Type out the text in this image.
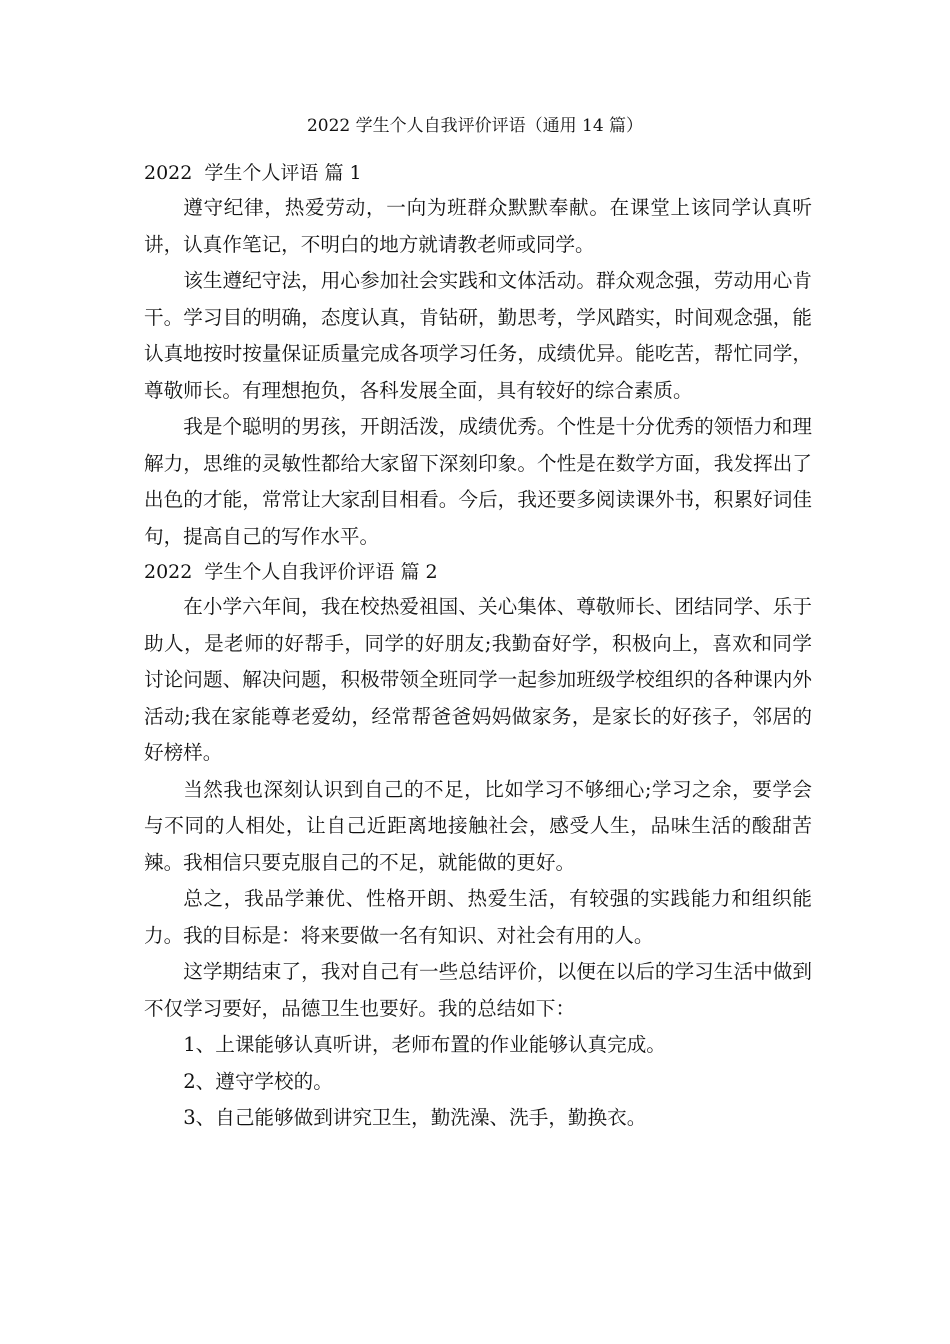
2022 学生个人自我评价评语（通用 14 篇）
2022  学生个人评语 篇 1

遵守纪律，热爱劳动，一向为班群众默默奉献。在课堂上该同学认真听讲，认真作笔记，不明白的地方就请教老师或同学。

该生遵纪守法，用心参加社会实践和文体活动。群众观念强，劳动用心肯干。学习目的明确，态度认真，肯钻研，勤思考，学风踏实，时间观念强，能认真地按时按量保证质量完成各项学习任务，成绩优异。能吃苦，帮忙同学，尊敬师长。有理想抱负，各科发展全面，具有较好的综合素质。

我是个聪明的男孩，开朗活泼，成绩优秀。个性是十分优秀的领悟力和理解力，思维的灵敏性都给大家留下深刻印象。个性是在数学方面，我发挥出了出色的才能，常常让大家刮目相看。今后，我还要多阅读课外书，积累好词佳句，提高自己的写作水平。

2022  学生个人自我评价评语 篇 2

在小学六年间，我在校热爱祖国、关心集体、尊敬师长、团结同学、乐于助人，是老师的好帮手，同学的好朋友;我勤奋好学，积极向上，喜欢和同学讨论问题、解决问题，积极带领全班同学一起参加班级学校组织的各种课内外活动;我在家能尊老爱幼，经常帮爸爸妈妈做家务，是家长的好孩子，邻居的好榜样。

当然我也深刻认识到自己的不足，比如学习不够细心;学习之余，要学会与不同的人相处，让自己近距离地接触社会，感受人生，品味生活的酸甜苦辣。我相信只要克服自己的不足，就能做的更好。

总之，我品学兼优、性格开朗、热爱生活，有较强的实践能力和组织能力。我的目标是：将来要做一名有知识、对社会有用的人。

这学期结束了，我对自己有一些总结评价，以便在以后的学习生活中做到不仅学习要好，品德卫生也要好。我的总结如下：

1、上课能够认真听讲，老师布置的作业能够认真完成。

2、遵守学校的。

3、自己能够做到讲究卫生，勤洗澡、洗手，勤换衣。
